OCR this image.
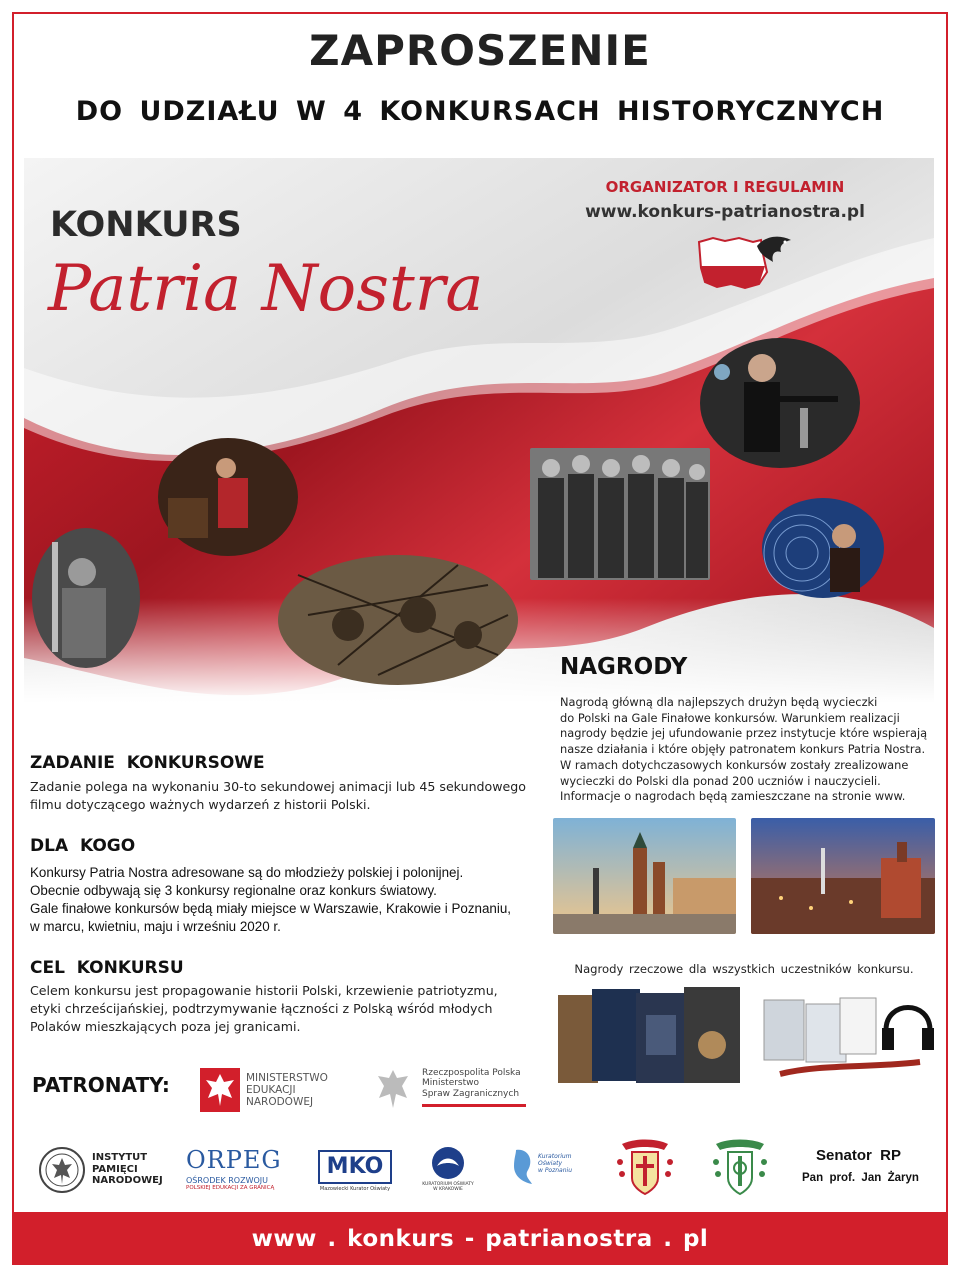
ZAPROSZENIE
DO UDZIAŁU W 4 KONKURSACH HISTORYCZNYCH
KONKURS
Patria Nostra
ORGANIZATOR I REGULAMIN
www.konkurs-patrianostra.pl
ZADANIE  KONKURSOWE
Zadanie polega na wykonaniu 30-to sekundowej animacji lub 45 sekundowego
filmu dotyczącego ważnych wydarzeń z historii Polski.
DLA  KOGO
Konkursy Patria Nostra adresowane są do młodzieży polskiej i polonijnej.
Obecnie odbywają się 3 konkursy regionalne oraz konkurs światowy.
Gale finałowe konkursów będą miały miejsce w Warszawie, Krakowie i Poznaniu,
w marcu, kwietniu, maju i wrześniu 2020 r.
CEL  KONKURSU
Celem konkursu jest propagowanie historii Polski, krzewienie patriotyzmu,
etyki chrześcijańskiej, podtrzymywanie łączności z Polską wśród młodych
Polaków mieszkających poza jej granicami.
NAGRODY
Nagrodą główną dla najlepszych drużyn będą wycieczki
do Polski na Gale Finałowe konkursów. Warunkiem realizacji
nagrody będzie jej ufundowanie przez instytucje które wspierają
nasze działania i które objęły patronatem konkurs Patria Nostra.
W ramach dotychczasowych konkursów zostały zrealizowane
wycieczki do Polski dla ponad 200 uczniów i nauczycieli.
Informacje o nagrodach będą zamieszczane na stronie www.
Nagrody rzeczowe dla wszystkich uczestników konkursu.
PATRONATY:	MINISTERSTWO
EDUKACJI
NARODOWEJ
Rzeczpospolita Polska
Ministerstwo
Spraw Zagranicznych
INSTYTUT
PAMIĘCI
NARODOWEJ
ORPEG
OŚRODEK ROZWOJU
POLSKIEJ EDUKACJI ZA GRANICĄ
MKO
Mazowiecki Kurator Oświaty
KURATORIUM OŚWIATY
W KRAKOWIE
Kuratorium
Oświaty
w Poznaniu
Senator  RP
Pan  prof.  Jan  Żaryn
www . konkurs - patrianostra . pl
